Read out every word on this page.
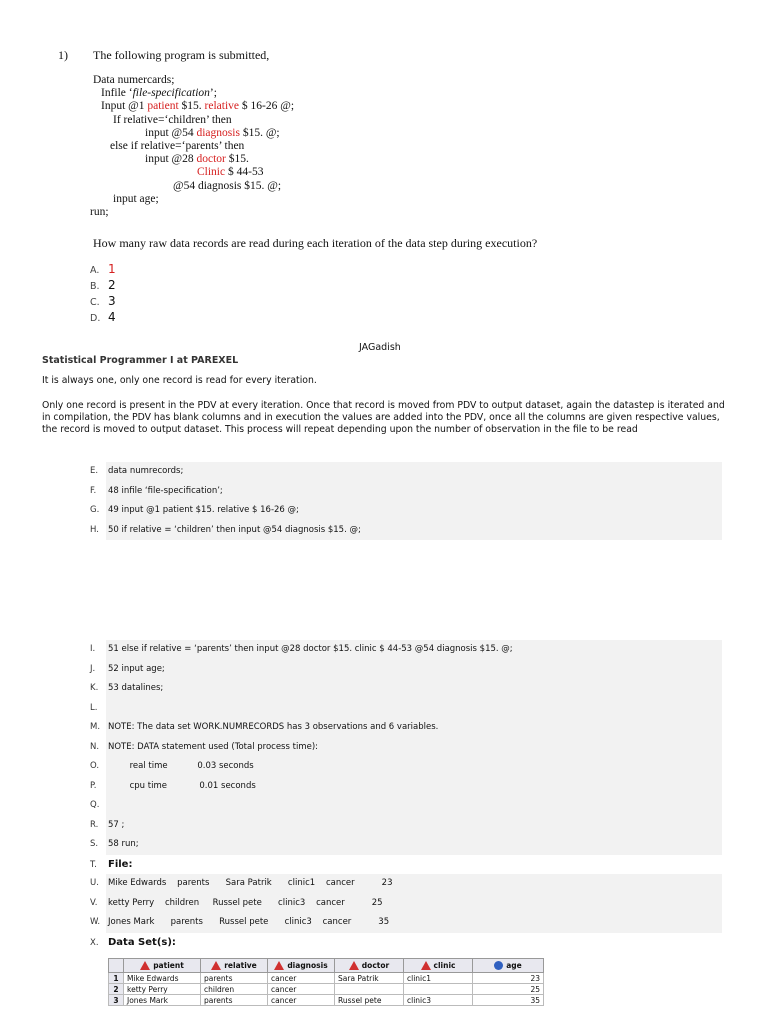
1) The following program is submitted,
Data numercards;
Infile ‘file-specification’;
Input @1 patient $15. relative $ 16-26 @;
If relative=‘children’ then
input @54 diagnosis $15. @;
else if relative=‘parents’ then
input @28 doctor $15.
Clinic $ 44-53
@54 diagnosis $15. @;
input age;
run;
How many raw data records are read during each iteration of the data step during execution?
A. 1
B. 2
C. 3
D. 4
JAGadish
Statistical Programmer I at PAREXEL
It is always one, only one record is read for every iteration.
Only one record is present in the PDV at every iteration. Once that record is moved from PDV to output dataset, again the datastep is iterated and in compilation, the PDV has blank columns and in execution the values are added into the PDV, once all the columns are given respective values, the record is moved to output dataset. This process will repeat depending upon the number of observation in the file to be read
E. data numrecords;
F. 48 infile ‘file-specification’;
G. 49 input @1 patient $15. relative $ 16-26 @;
H. 50 if relative = ‘children’ then input @54 diagnosis $15. @;
I. 51 else if relative = ‘parents’ then input @28 doctor $15. clinic $ 44-53 @54 diagnosis $15. @;
J. 52 input age;
K. 53 datalines;
L.
M. NOTE: The data set WORK.NUMRECORDS has 3 observations and 6 variables.
N. NOTE: DATA statement used (Total process time):
O.        real time           0.03 seconds
P.        cpu time            0.01 seconds
Q.
R. 57 ;
S. 58 run;
T. File:
U. Mike Edwards    parents      Sara Patrik      clinic1    cancer          23
V. ketty Perry    children     Russel pete      clinic3    cancer          25
W. Jones Mark      parents      Russel pete      clinic3    cancer          35
X. Data Set(s):
	patient	relative	diagnosis	doctor	clinic	age
1	Mike Edwards	parents	cancer	Sara Patrik	clinic1	23
2	ketty Perry	children	cancer			25
3	Jones Mark	parents	cancer	Russel pete	clinic3	35
